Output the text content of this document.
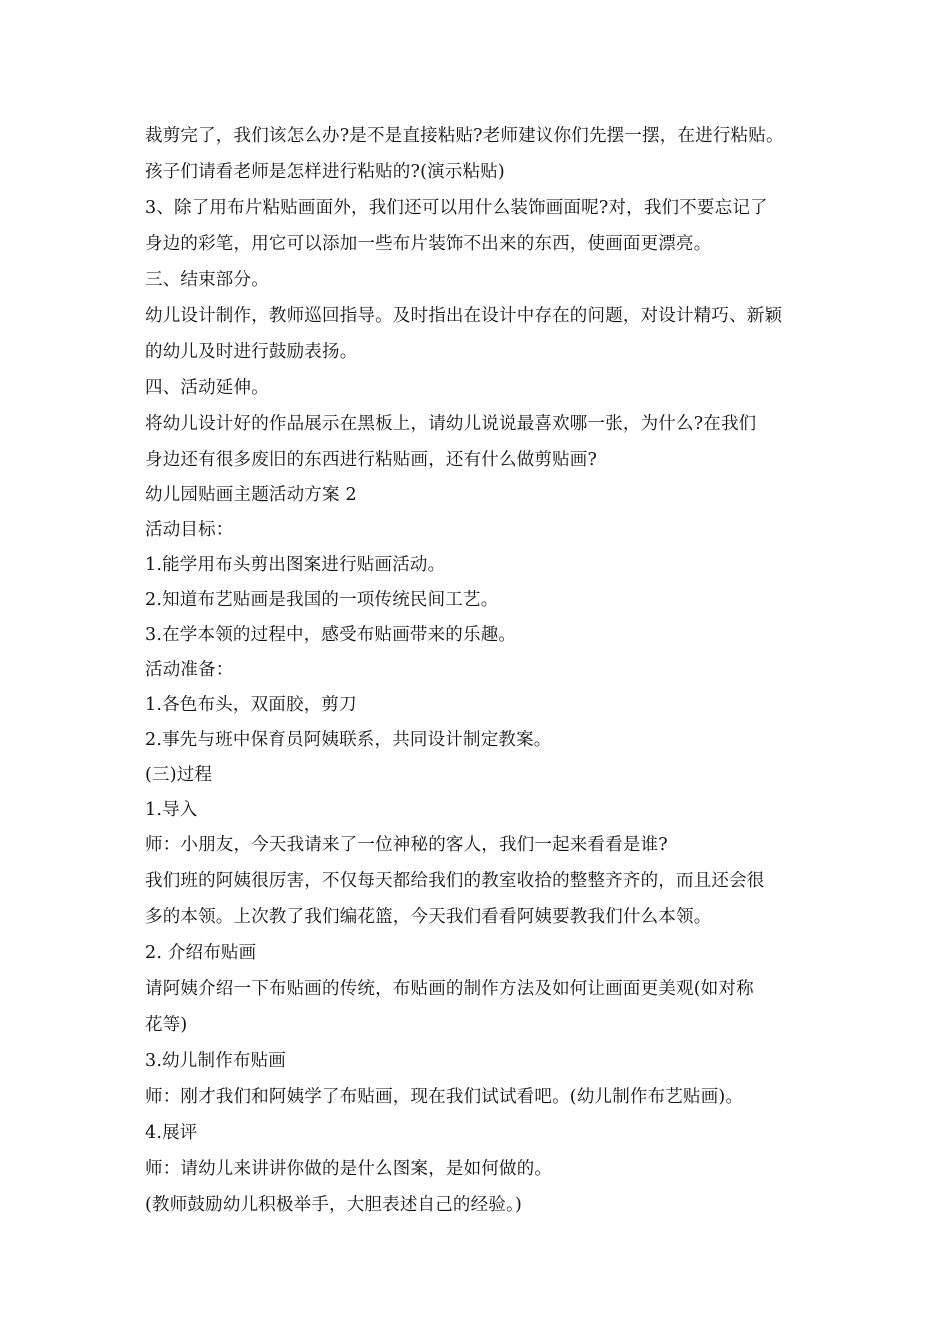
裁剪完了，我们该怎么办?是不是直接粘贴?老师建议你们先摆一摆，在进行粘贴。
孩子们请看老师是怎样进行粘贴的?(演示粘贴)
3、除了用布片粘贴画面外，我们还可以用什么装饰画面呢?对，我们不要忘记了
身边的彩笔，用它可以添加一些布片装饰不出来的东西，使画面更漂亮。
三、结束部分。
幼儿设计制作，教师巡回指导。及时指出在设计中存在的问题，对设计精巧、新颖
的幼儿及时进行鼓励表扬。
四、活动延伸。
将幼儿设计好的作品展示在黑板上，请幼儿说说最喜欢哪一张，为什么?在我们
身边还有很多废旧的东西进行粘贴画，还有什么做剪贴画?
幼儿园贴画主题活动方案 2
活动目标：
1.能学用布头剪出图案进行贴画活动。
2.知道布艺贴画是我国的一项传统民间工艺。
3.在学本领的过程中，感受布贴画带来的乐趣。
活动准备：
1.各色布头，双面胶，剪刀
2.事先与班中保育员阿姨联系，共同设计制定教案。
(三)过程
1.导入
师：小朋友，今天我请来了一位神秘的客人，我们一起来看看是谁?
我们班的阿姨很厉害，不仅每天都给我们的教室收拾的整整齐齐的，而且还会很
多的本领。上次教了我们编花篮，今天我们看看阿姨要教我们什么本领。
2. 介绍布贴画
请阿姨介绍一下布贴画的传统，布贴画的制作方法及如何让画面更美观(如对称
花等)
3.幼儿制作布贴画
师：刚才我们和阿姨学了布贴画，现在我们试试看吧。(幼儿制作布艺贴画)。
4.展评
师：请幼儿来讲讲你做的是什么图案，是如何做的。
(教师鼓励幼儿积极举手，大胆表述自己的经验。)
